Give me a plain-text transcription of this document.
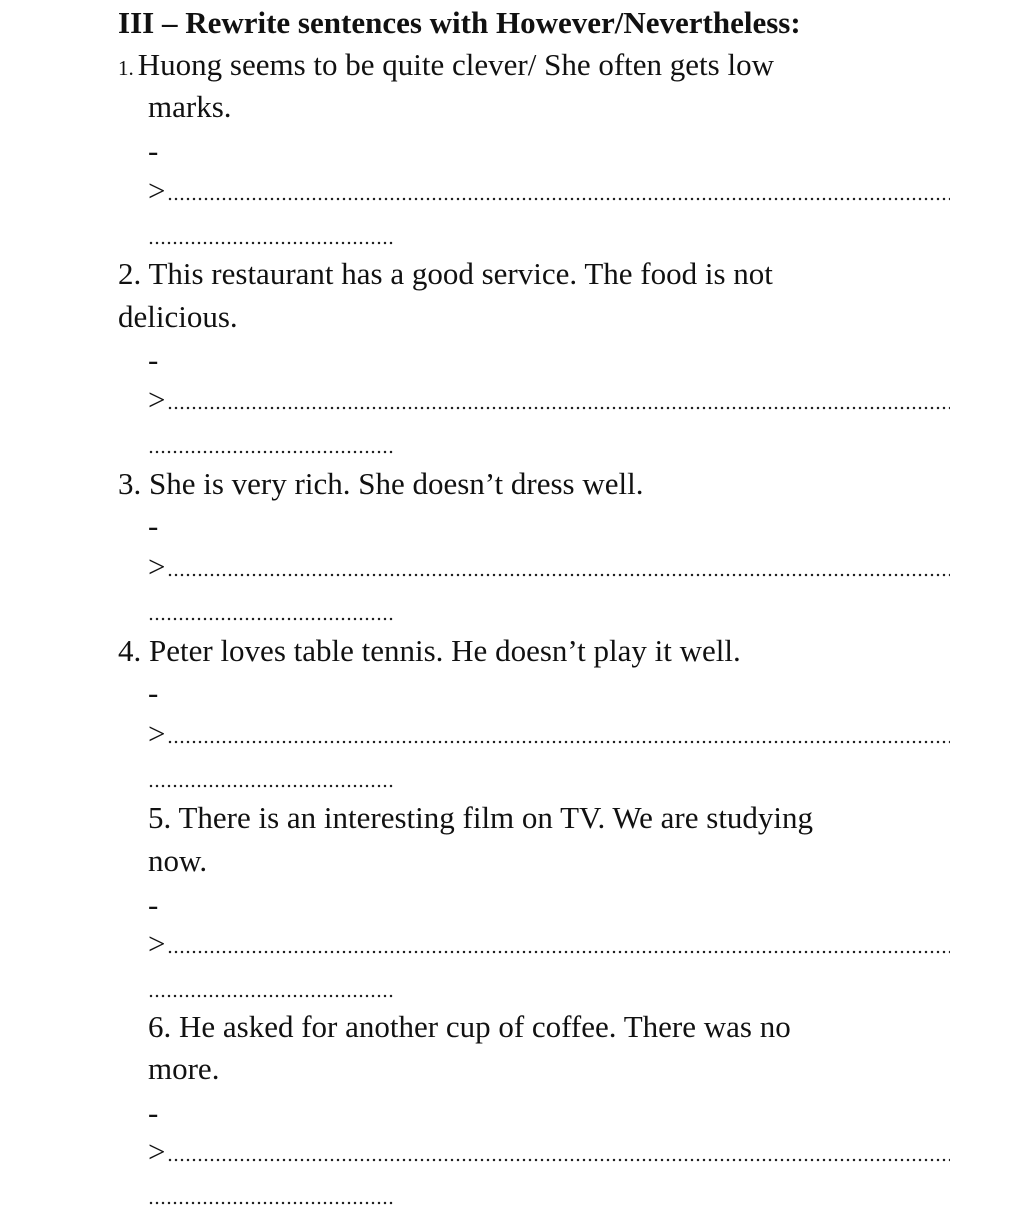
III – Rewrite sentences with However/Nevertheless:

1. Huong seems to be quite clever/ She often gets low

marks.

-

>

2. This restaurant has a good service. The food is not

delicious.

-

>

3. She is very rich. She doesn’t dress well.

-

>

4. Peter loves table tennis. He doesn’t play it well.

-

>

5. There is an interesting film on TV. We are studying

now.

-

>

6. He asked for another cup of coffee. There was no

more.

-

>
